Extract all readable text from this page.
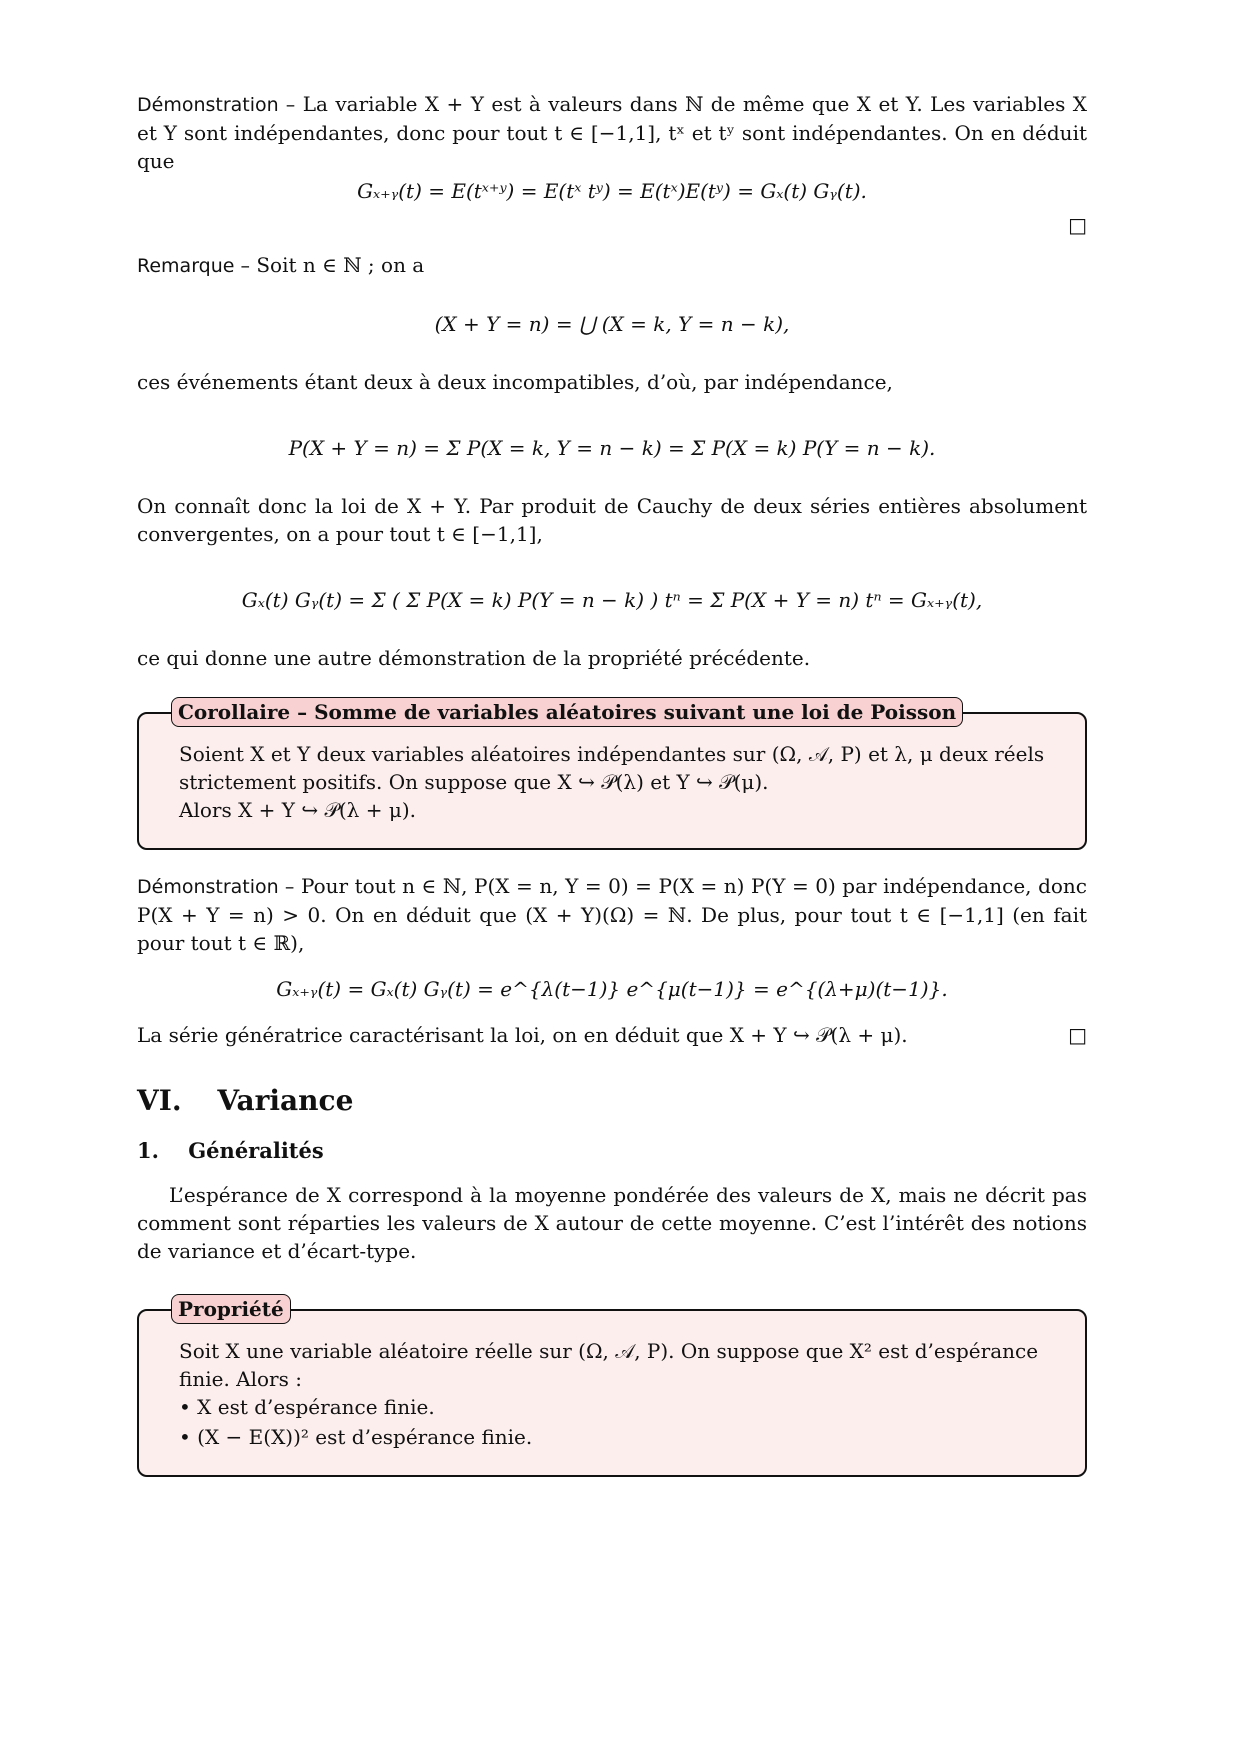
Démonstration – La variable X + Y est à valeurs dans ℕ de même que X et Y. Les variables X et Y sont indépendantes, donc pour tout t ∈ [−1,1], tˣ et tʸ sont indépendantes. On en déduit que

Gₓ₊ᵧ(t) = E(tˣ⁺ʸ) = E(tˣ tʸ) = E(tˣ)E(tʸ) = Gₓ(t) Gᵧ(t).

□

Remarque – Soit n ∈ ℕ ; on a

(X + Y = n) = ⋃ (X = k, Y = n − k),

ces événements étant deux à deux incompatibles, d’où, par indépendance,

P(X + Y = n) = Σ P(X = k, Y = n − k) = Σ P(X = k) P(Y = n − k).

On connaît donc la loi de X + Y. Par produit de Cauchy de deux séries entières absolument convergentes, on a pour tout t ∈ [−1,1],

Gₓ(t) Gᵧ(t) = Σ ( Σ P(X = k) P(Y = n − k) ) tⁿ = Σ P(X + Y = n) tⁿ = Gₓ₊ᵧ(t),

ce qui donne une autre démonstration de la propriété précédente.

Corollaire – Somme de variables aléatoires suivant une loi de Poisson

Soient X et Y deux variables aléatoires indépendantes sur (Ω, 𝒜, P) et λ, μ deux réels strictement positifs. On suppose que X ↪ 𝒫(λ) et Y ↪ 𝒫(μ).

Alors X + Y ↪ 𝒫(λ + μ).

Démonstration – Pour tout n ∈ ℕ, P(X = n, Y = 0) = P(X = n) P(Y = 0) par indépendance, donc P(X + Y = n) > 0. On en déduit que (X + Y)(Ω) = ℕ. De plus, pour tout t ∈ [−1,1] (en fait pour tout t ∈ ℝ),

Gₓ₊ᵧ(t) = Gₓ(t) Gᵧ(t) = e^{λ(t−1)} e^{μ(t−1)} = e^{(λ+μ)(t−1)}.

La série génératrice caractérisant la loi, on en déduit que X + Y ↪ 𝒫(λ + μ).	□
VI. Variance
1. Généralités

L’espérance de X correspond à la moyenne pondérée des valeurs de X, mais ne décrit pas comment sont réparties les valeurs de X autour de cette moyenne. C’est l’intérêt des notions de variance et d’écart-type.

Propriété

Soit X une variable aléatoire réelle sur (Ω, 𝒜, P). On suppose que X² est d’espérance finie. Alors :

• X est d’espérance finie.
• (X − E(X))² est d’espérance finie.
